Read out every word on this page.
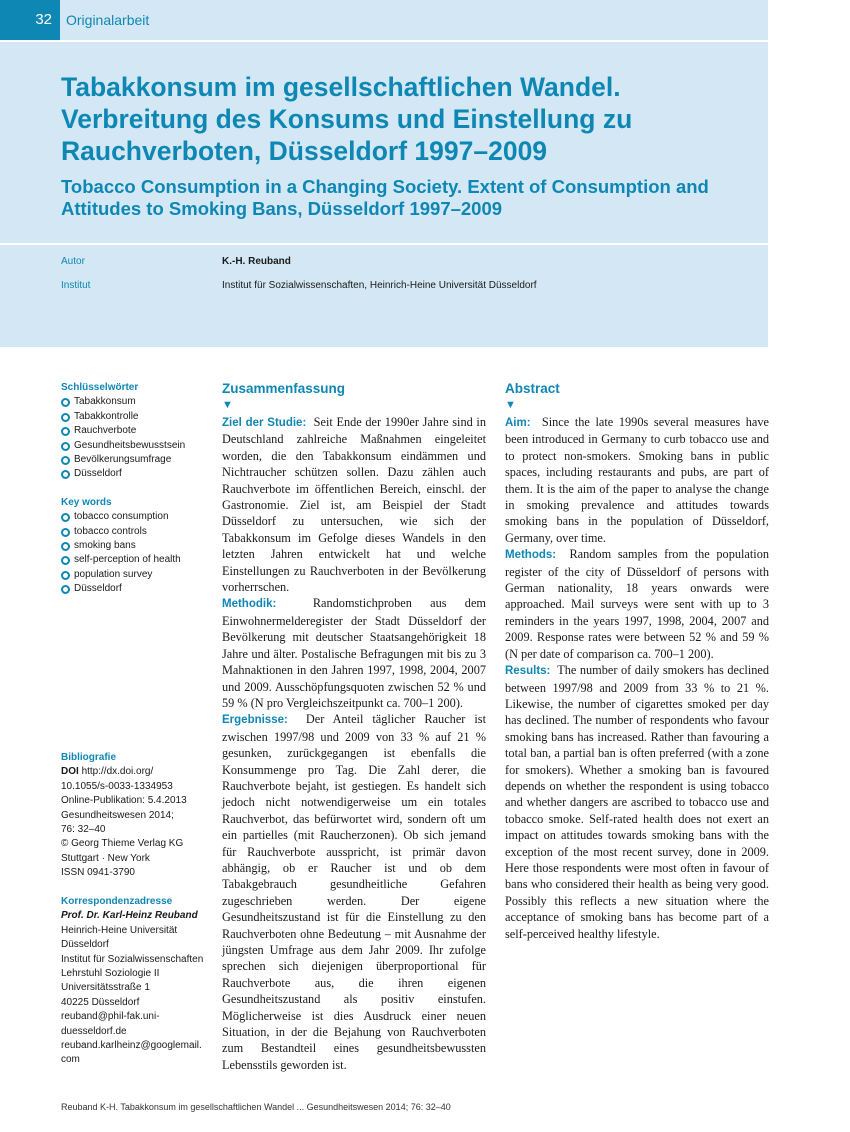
32	Originalarbeit
Tabakkonsum im gesellschaftlichen Wandel. Verbreitung des Konsums und Einstellung zu Rauchverboten, Düsseldorf 1997–2009
Tobacco Consumption in a Changing Society. Extent of Consumption and Attitudes to Smoking Bans, Düsseldorf 1997–2009
Autor	K.-H. Reuband
Institut	Institut für Sozialwissenschaften, Heinrich-Heine Universität Düsseldorf
Schlüsselwörter
Tabakkonsum
Tabakkontrolle
Rauchverbote
Gesundheitsbewusstsein
Bevölkerungsumfrage
Düsseldorf
Key words
tobacco consumption
tobacco controls
smoking bans
self-perception of health
population survey
Düsseldorf
Bibliografie
DOI http://dx.doi.org/
10.1055/s-0033-1334953
Online-Publikation: 5.4.2013
Gesundheitswesen 2014;
76: 32–40
© Georg Thieme Verlag KG
Stuttgart · New York
ISSN 0941-3790
Korrespondenzadresse
Prof. Dr. Karl-Heinz Reuband
Heinrich-Heine Universität
Düsseldorf
Institut für Sozialwissenschaften
Lehrstuhl Soziologie II
Universitätsstraße 1
40225 Düsseldorf
reuband@phil-fak.uni-
duesseldorf.de
reuband.karlheinz@googlemail.
com
Zusammenfassung
▼

Ziel der Studie: Seit Ende der 1990er Jahre sind in Deutschland zahlreiche Maßnahmen eingeleitet worden, die den Tabakkonsum eindämmen und Nichtraucher schützen sollen. Dazu zählen auch Rauchverbote im öffentlichen Bereich, einschl. der Gastronomie. Ziel ist, am Beispiel der Stadt Düsseldorf zu untersuchen, wie sich der Tabakkonsum im Gefolge dieses Wandels in den letzten Jahren entwickelt hat und welche Einstellungen zu Rauchverboten in der Bevölkerung vorherrschen.

Methodik:	Randomstichproben aus dem Einwohnermelderegister der Stadt Düsseldorf der Bevölkerung mit deutscher Staatsangehörigkeit 18 Jahre und älter. Postalische Befragungen mit bis zu 3 Mahnaktionen in den Jahren 1997, 1998, 2004, 2007 und 2009. Ausschöpfungsquoten zwischen 52 % und 59 % (N pro Vergleichszeitpunkt ca. 700–1 200).

Ergebnisse: Der Anteil täglicher Raucher ist zwischen 1997/98 und 2009 von 33 % auf 21 % gesunken, zurückgegangen ist ebenfalls die Konsummenge pro Tag. Die Zahl derer, die Rauchverbote bejaht, ist gestiegen. Es handelt sich jedoch nicht notwendigerweise um ein totales Rauchverbot, das befürwortet wird, sondern oft um ein partielles (mit Raucherzonen). Ob sich jemand für Rauchverbote ausspricht, ist primär davon abhängig, ob er Raucher ist und ob dem Tabakgebrauch gesundheitliche Gefahren zugeschrieben werden. Der eigene Gesundheitszustand ist für die Einstellung zu den Rauchverboten ohne Bedeutung – mit Ausnahme der jüngsten Umfrage aus dem Jahr 2009. Ihr zufolge sprechen sich diejenigen überproportional für Rauchverbote aus, die ihren eigenen Gesundheitszustand als positiv einstufen. Möglicherweise ist dies Ausdruck einer neuen Situation, in der die Bejahung von Rauchverboten zum Bestandteil eines gesundheitsbewussten Lebensstils geworden ist.

Abstract
▼

Aim: Since the late 1990s several measures have been introduced in Germany to curb tobacco use and to protect non-smokers. Smoking bans in public spaces, including restaurants and pubs, are part of them. It is the aim of the paper to analyse the change in smoking prevalence and attitudes towards smoking bans in the population of Düsseldorf, Germany, over time.

Methods: Random samples from the population register of the city of Düsseldorf of persons with German nationality, 18 years onwards were approached. Mail surveys were sent with up to 3 reminders in the years 1997, 1998, 2004, 2007 and 2009. Response rates were between 52 % and 59 % (N per date of comparison ca. 700–1 200).

Results: The number of daily smokers has declined between 1997/98 and 2009 from 33 % to 21 %. Likewise, the number of cigarettes smoked per day has declined. The number of respondents who favour smoking bans has increased. Rather than favouring a total ban, a partial ban is often preferred (with a zone for smokers). Whether a smoking ban is favoured depends on whether the respondent is using tobacco and whether dangers are ascribed to tobacco use and tobacco smoke. Self-rated health does not exert an impact on attitudes towards smoking bans with the exception of the most recent survey, done in 2009. Here those respondents were most often in favour of bans who considered their health as being very good. Possibly this reflects a new situation where the acceptance of smoking bans has become part of a self-perceived healthy lifestyle.

Reuband K-H. Tabakkonsum im gesellschaftlichen Wandel ... Gesundheitswesen 2014; 76: 32–40
